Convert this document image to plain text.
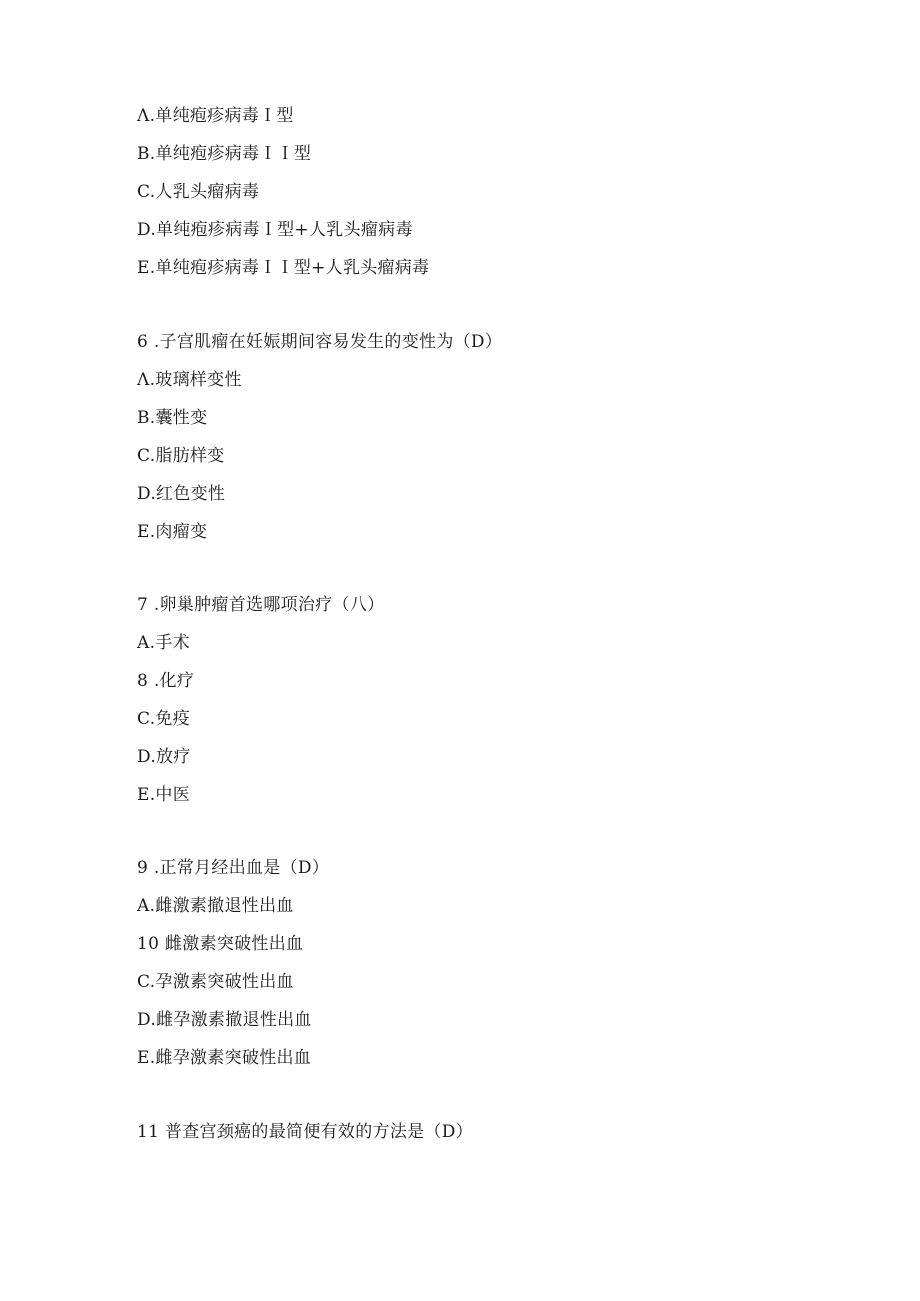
Λ.单纯疱疹病毒Ｉ型
B.单纯疱疹病毒ＩＩ型
C.人乳头瘤病毒
D.单纯疱疹病毒Ｉ型+人乳头瘤病毒
E.单纯疱疹病毒ＩＩ型+人乳头瘤病毒
6 .子宫肌瘤在妊娠期间容易发生的变性为（D）
Λ.玻璃样变性
B.囊性变
C.脂肪样变
D.红色变性
E.肉瘤变
7 .卵巢肿瘤首选哪项治疗（八）
A.手术
8 .化疗
C.免疫
D.放疗
E.中医
9 .正常月经出血是（D）
A.雌激素撤退性出血
10 雌激素突破性出血
C.孕激素突破性出血
D.雌孕激素撤退性出血
E.雌孕激素突破性出血
11 普查宫颈癌的最简便有效的方法是（D）
